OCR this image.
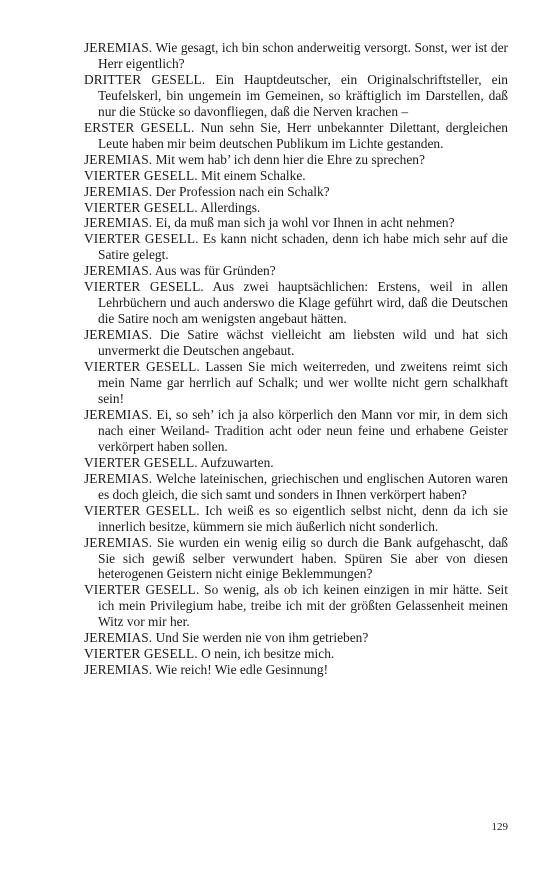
JEREMIAS. Wie gesagt, ich bin schon anderweitig versorgt. Sonst, wer ist der Herr eigentlich?

DRITTER GESELL. Ein Hauptdeutscher, ein Originalschriftsteller, ein Teufelskerl, bin ungemein im Gemeinen, so kräftiglich im Darstellen, daß nur die Stücke so davonfliegen, daß die Nerven krachen –

ERSTER GESELL. Nun sehn Sie, Herr unbekannter Dilettant, dergleichen Leute haben mir beim deutschen Publikum im Lichte gestanden.

JEREMIAS. Mit wem hab’ ich denn hier die Ehre zu sprechen?

VIERTER GESELL. Mit einem Schalke.

JEREMIAS. Der Profession nach ein Schalk?

VIERTER GESELL. Allerdings.

JEREMIAS. Ei, da muß man sich ja wohl vor Ihnen in acht nehmen?

VIERTER GESELL. Es kann nicht schaden, denn ich habe mich sehr auf die Satire gelegt.

JEREMIAS. Aus was für Gründen?

VIERTER GESELL. Aus zwei hauptsächlichen: Erstens, weil in allen Lehrbüchern und auch anderswo die Klage geführt wird, daß die Deutschen die Satire noch am wenigsten angebaut hätten.

JEREMIAS. Die Satire wächst vielleicht am liebsten wild und hat sich unvermerkt die Deutschen angebaut.

VIERTER GESELL. Lassen Sie mich weiterreden, und zweitens reimt sich mein Name gar herrlich auf Schalk; und wer wollte nicht gern schalkhaft sein!

JEREMIAS. Ei, so seh’ ich ja also körperlich den Mann vor mir, in dem sich nach einer Weiland- Tradition acht oder neun feine und erhabene Geister verkörpert haben sollen.

VIERTER GESELL. Aufzuwarten.

JEREMIAS. Welche lateinischen, griechischen und englischen Autoren waren es doch gleich, die sich samt und sonders in Ihnen verkörpert haben?

VIERTER GESELL. Ich weiß es so eigentlich selbst nicht, denn da ich sie innerlich besitze, kümmern sie mich äußerlich nicht sonderlich.

JEREMIAS. Sie wurden ein wenig eilig so durch die Bank aufgehascht, daß Sie sich gewiß selber verwundert haben. Spüren Sie aber von diesen heterogenen Geistern nicht einige Beklemmungen?

VIERTER GESELL. So wenig, als ob ich keinen einzigen in mir hätte. Seit ich mein Privilegium habe, treibe ich mit der größten Gelassenheit meinen Witz vor mir her.

JEREMIAS. Und Sie werden nie von ihm getrieben?

VIERTER GESELL. O nein, ich besitze mich.

JEREMIAS. Wie reich! Wie edle Gesinnung!

129
